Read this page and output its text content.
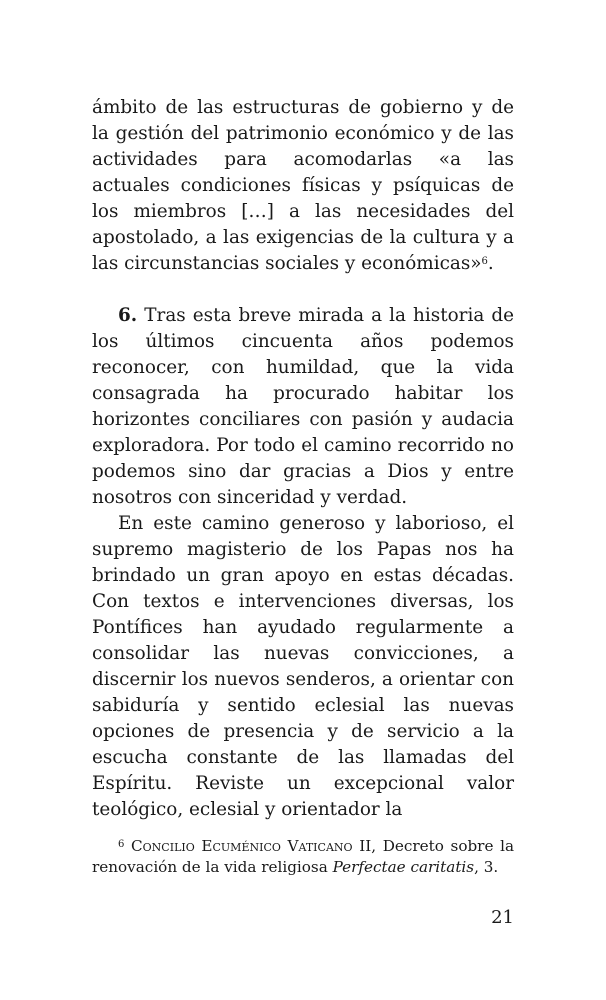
ámbito de las estructuras de gobierno y de la gestión del patrimonio económico y de las actividades para acomodarlas «a las actuales condiciones físicas y psíquicas de los miembros […] a las necesidades del apostolado, a las exigencias de la cultura y a las circunstancias sociales y económicas»$^6$.

6. Tras esta breve mirada a la historia de los últimos cincuenta años podemos reconocer, con humildad, que la vida consagrada ha procurado habitar los horizontes conciliares con pasión y audacia exploradora. Por todo el camino recorrido no podemos sino dar gracias a Dios y entre nosotros con sinceridad y verdad.

En este camino generoso y laborioso, el supremo magisterio de los Papas nos ha brindado un gran apoyo en estas décadas. Con textos e intervenciones diversas, los Pontífices han ayudado regularmente a consolidar las nuevas convicciones, a discernir los nuevos senderos, a orientar con sabiduría y sentido eclesial las nuevas opciones de presencia y de servicio a la escucha constante de las llamadas del Espíritu. Reviste un excepcional valor teológico, eclesial y orientador la

$^6$ Concilio Ecuménico Vaticano II, Decreto sobre la renovación de la vida religiosa Perfectae caritatis, 3.

21
